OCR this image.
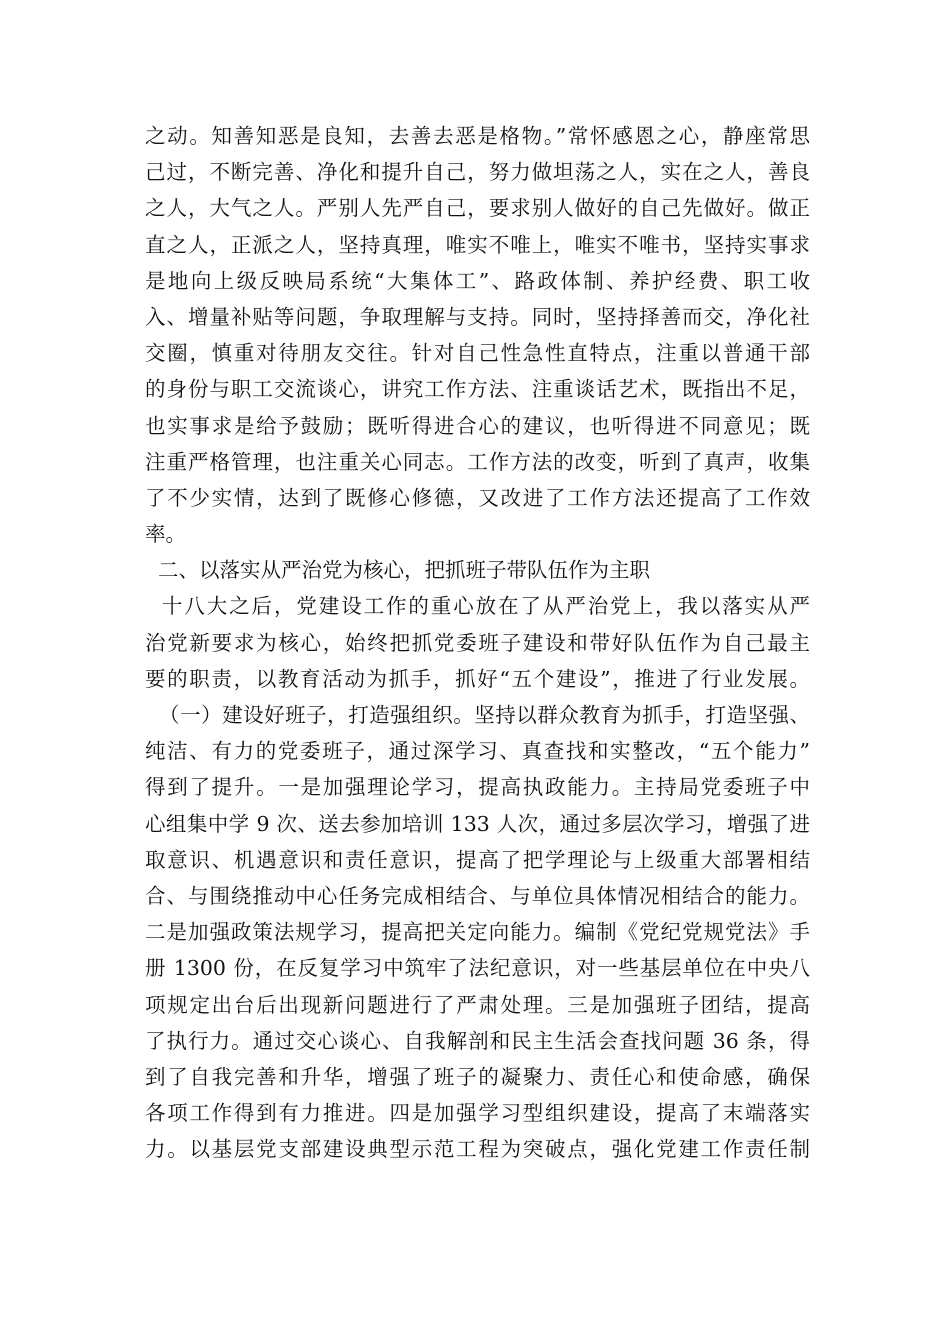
之动。知善知恶是良知，去善去恶是格物。”常怀感恩之心，静座常思
己过，不断完善、净化和提升自己，努力做坦荡之人，实在之人，善良
之人，大气之人。严别人先严自己，要求别人做好的自己先做好。做正
直之人，正派之人，坚持真理，唯实不唯上，唯实不唯书，坚持实事求
是地向上级反映局系统“大集体工”、路政体制、养护经费、职工收
入、增量补贴等问题，争取理解与支持。同时，坚持择善而交，净化社
交圈，慎重对待朋友交往。针对自己性急性直特点，注重以普通干部
的身份与职工交流谈心，讲究工作方法、注重谈话艺术，既指出不足，
也实事求是给予鼓励；既听得进合心的建议，也听得进不同意见；既
注重严格管理，也注重关心同志。工作方法的改变，听到了真声，收集
了不少实情，达到了既修心修德，又改进了工作方法还提高了工作效
率。
二、以落实从严治党为核心，把抓班子带队伍作为主职
十八大之后，党建设工作的重心放在了从严治党上，我以落实从严
治党新要求为核心，始终把抓党委班子建设和带好队伍作为自己最主
要的职责，以教育活动为抓手，抓好“五个建设”，推进了行业发展。
（一）建设好班子，打造强组织。坚持以群众教育为抓手，打造坚强、
纯洁、有力的党委班子，通过深学习、真查找和实整改，“五个能力”
得到了提升。一是加强理论学习，提高执政能力。主持局党委班子中
心组集中学 9 次、送去参加培训 133 人次，通过多层次学习，增强了进
取意识、机遇意识和责任意识，提高了把学理论与上级重大部署相结
合、与围绕推动中心任务完成相结合、与单位具体情况相结合的能力。
二是加强政策法规学习，提高把关定向能力。编制《党纪党规党法》手
册 1300 份，在反复学习中筑牢了法纪意识，对一些基层单位在中央八
项规定出台后出现新问题进行了严肃处理。三是加强班子团结，提高
了执行力。通过交心谈心、自我解剖和民主生活会查找问题 36 条，得
到了自我完善和升华，增强了班子的凝聚力、责任心和使命感，确保
各项工作得到有力推进。四是加强学习型组织建设，提高了末端落实
力。以基层党支部建设典型示范工程为突破点，强化党建工作责任制
